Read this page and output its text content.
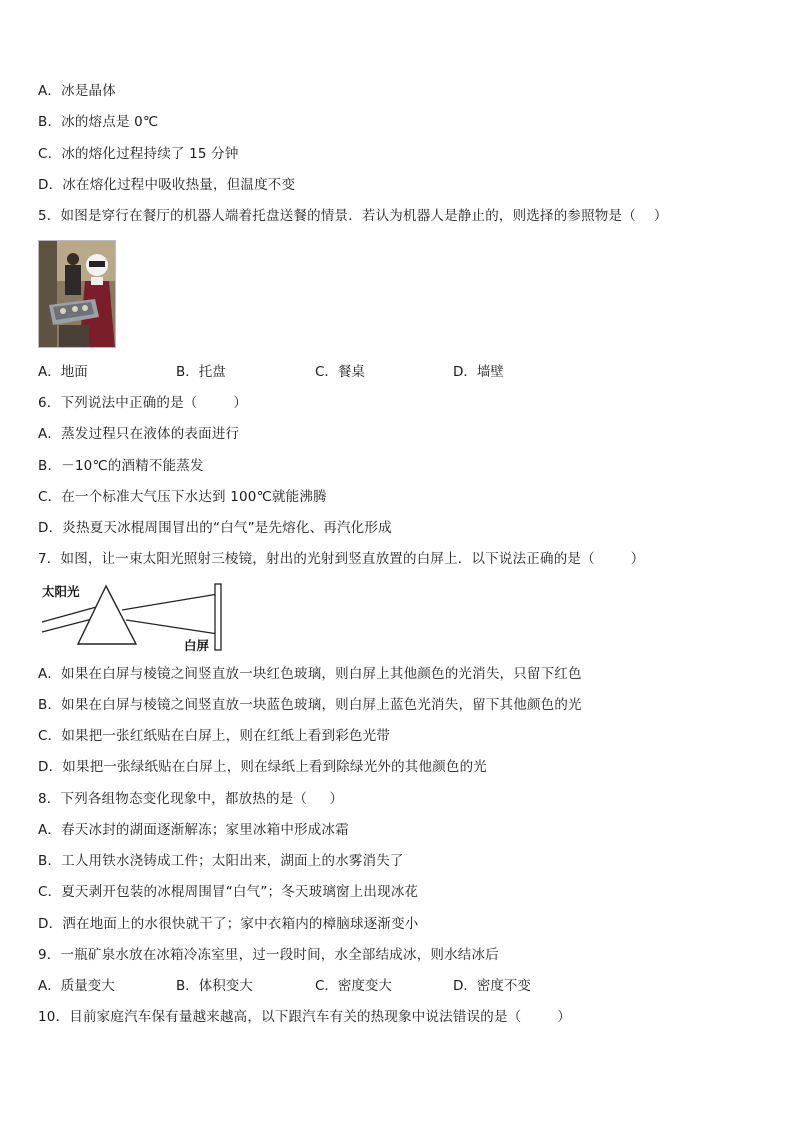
A．冰是晶体
B．冰的熔点是 0℃
C．冰的熔化过程持续了 15 分钟
D．冰在熔化过程中吸收热量，但温度不变
5．如图是穿行在餐厅的机器人端着托盘送餐的情景．若认为机器人是静止的，则选择的参照物是（    ）
A．地面	B．托盘	C．餐桌	D．墙壁
6．下列说法中正确的是（        ）
A．蒸发过程只在液体的表面进行
B．－10℃的酒精不能蒸发
C．在一个标准大气压下水达到 100℃就能沸腾
D．炎热夏天冰棍周围冒出的“白气”是先熔化、再汽化形成
7．如图，让一束太阳光照射三棱镜，射出的光射到竖直放置的白屏上．以下说法正确的是（        ）
太阳光
白屏
A．如果在白屏与棱镜之间竖直放一块红色玻璃，则白屏上其他颜色的光消失，只留下红色
B．如果在白屏与棱镜之间竖直放一块蓝色玻璃，则白屏上蓝色光消失，留下其他颜色的光
C．如果把一张红纸贴在白屏上，则在红纸上看到彩色光带
D．如果把一张绿纸贴在白屏上，则在绿纸上看到除绿光外的其他颜色的光
8．下列各组物态变化现象中，都放热的是（     ）
A．春天冰封的湖面逐渐解冻；家里冰箱中形成冰霜
B．工人用铁水浇铸成工件；太阳出来，湖面上的水雾消失了
C．夏天剥开包装的冰棍周围冒“白气”；冬天玻璃窗上出现冰花
D．洒在地面上的水很快就干了；家中衣箱内的樟脑球逐渐变小
9．一瓶矿泉水放在冰箱冷冻室里，过一段时间，水全部结成冰，则水结冰后
A．质量变大	B．体积变大	C．密度变大	D．密度不变
10．目前家庭汽车保有量越来越高，以下跟汽车有关的热现象中说法错误的是（        ）
